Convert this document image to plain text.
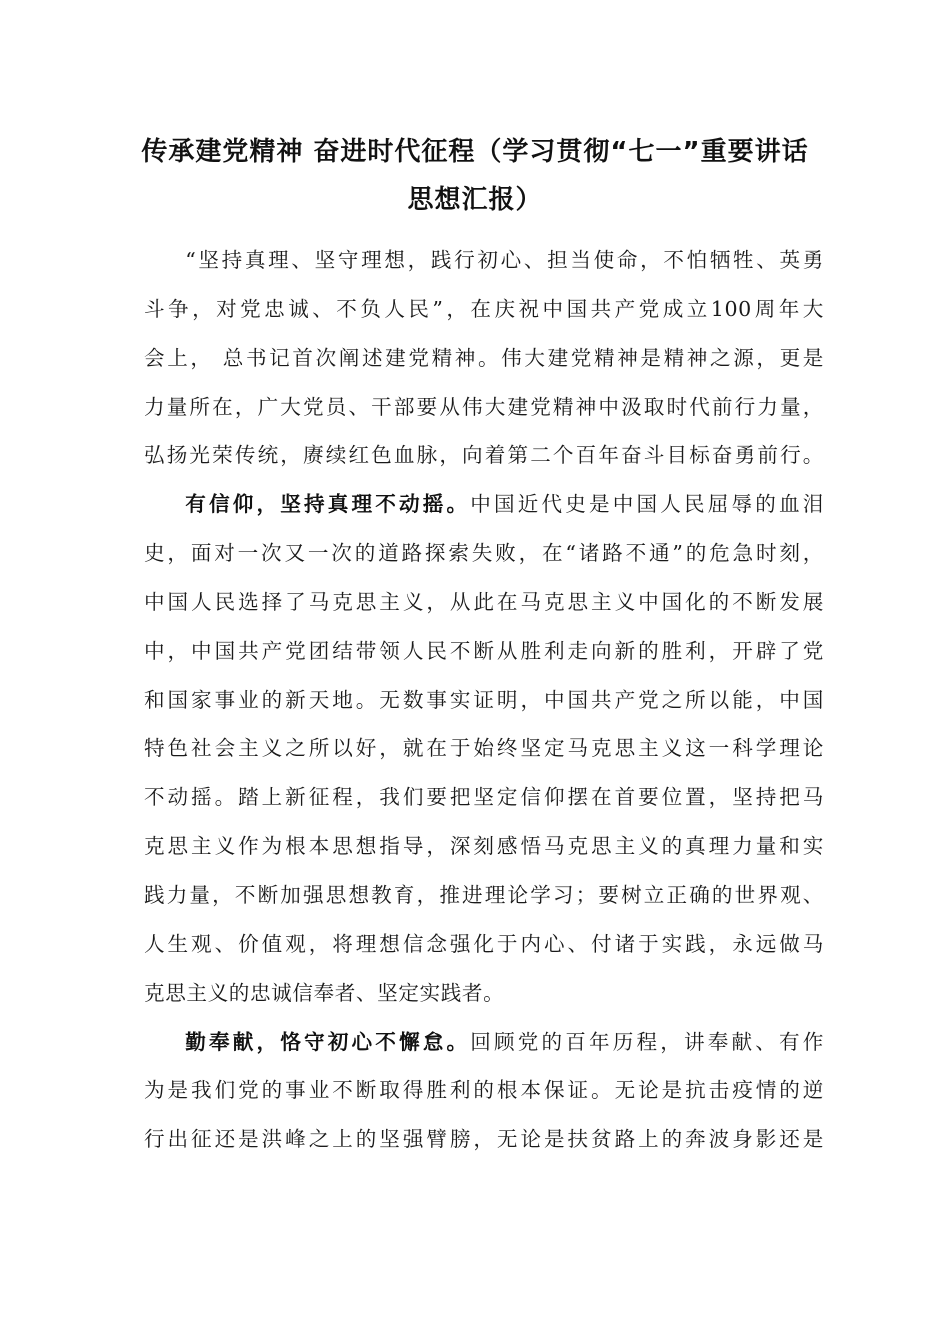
传承建党精神 奋进时代征程（学习贯彻“七一”重要讲话
思想汇报）
“坚持真理、坚守理想，践行初心、担当使命，不怕牺牲、英勇
斗争，对党忠诚、不负人民”，在庆祝中国共产党成立100周年大
会上， 总书记首次阐述建党精神。伟大建党精神是精神之源，更是
力量所在，广大党员、干部要从伟大建党精神中汲取时代前行力量，
弘扬光荣传统，赓续红色血脉，向着第二个百年奋斗目标奋勇前行。
有信仰，坚持真理不动摇。中国近代史是中国人民屈辱的血泪
史，面对一次又一次的道路探索失败，在“诸路不通”的危急时刻，
中国人民选择了马克思主义，从此在马克思主义中国化的不断发展
中，中国共产党团结带领人民不断从胜利走向新的胜利，开辟了党
和国家事业的新天地。无数事实证明，中国共产党之所以能，中国
特色社会主义之所以好，就在于始终坚定马克思主义这一科学理论
不动摇。踏上新征程，我们要把坚定信仰摆在首要位置，坚持把马
克思主义作为根本思想指导，深刻感悟马克思主义的真理力量和实
践力量，不断加强思想教育，推进理论学习；要树立正确的世界观、
人生观、价值观，将理想信念强化于内心、付诸于实践，永远做马
克思主义的忠诚信奉者、坚定实践者。
勤奉献，恪守初心不懈怠。回顾党的百年历程，讲奉献、有作
为是我们党的事业不断取得胜利的根本保证。无论是抗击疫情的逆
行出征还是洪峰之上的坚强臂膀，无论是扶贫路上的奔波身影还是
